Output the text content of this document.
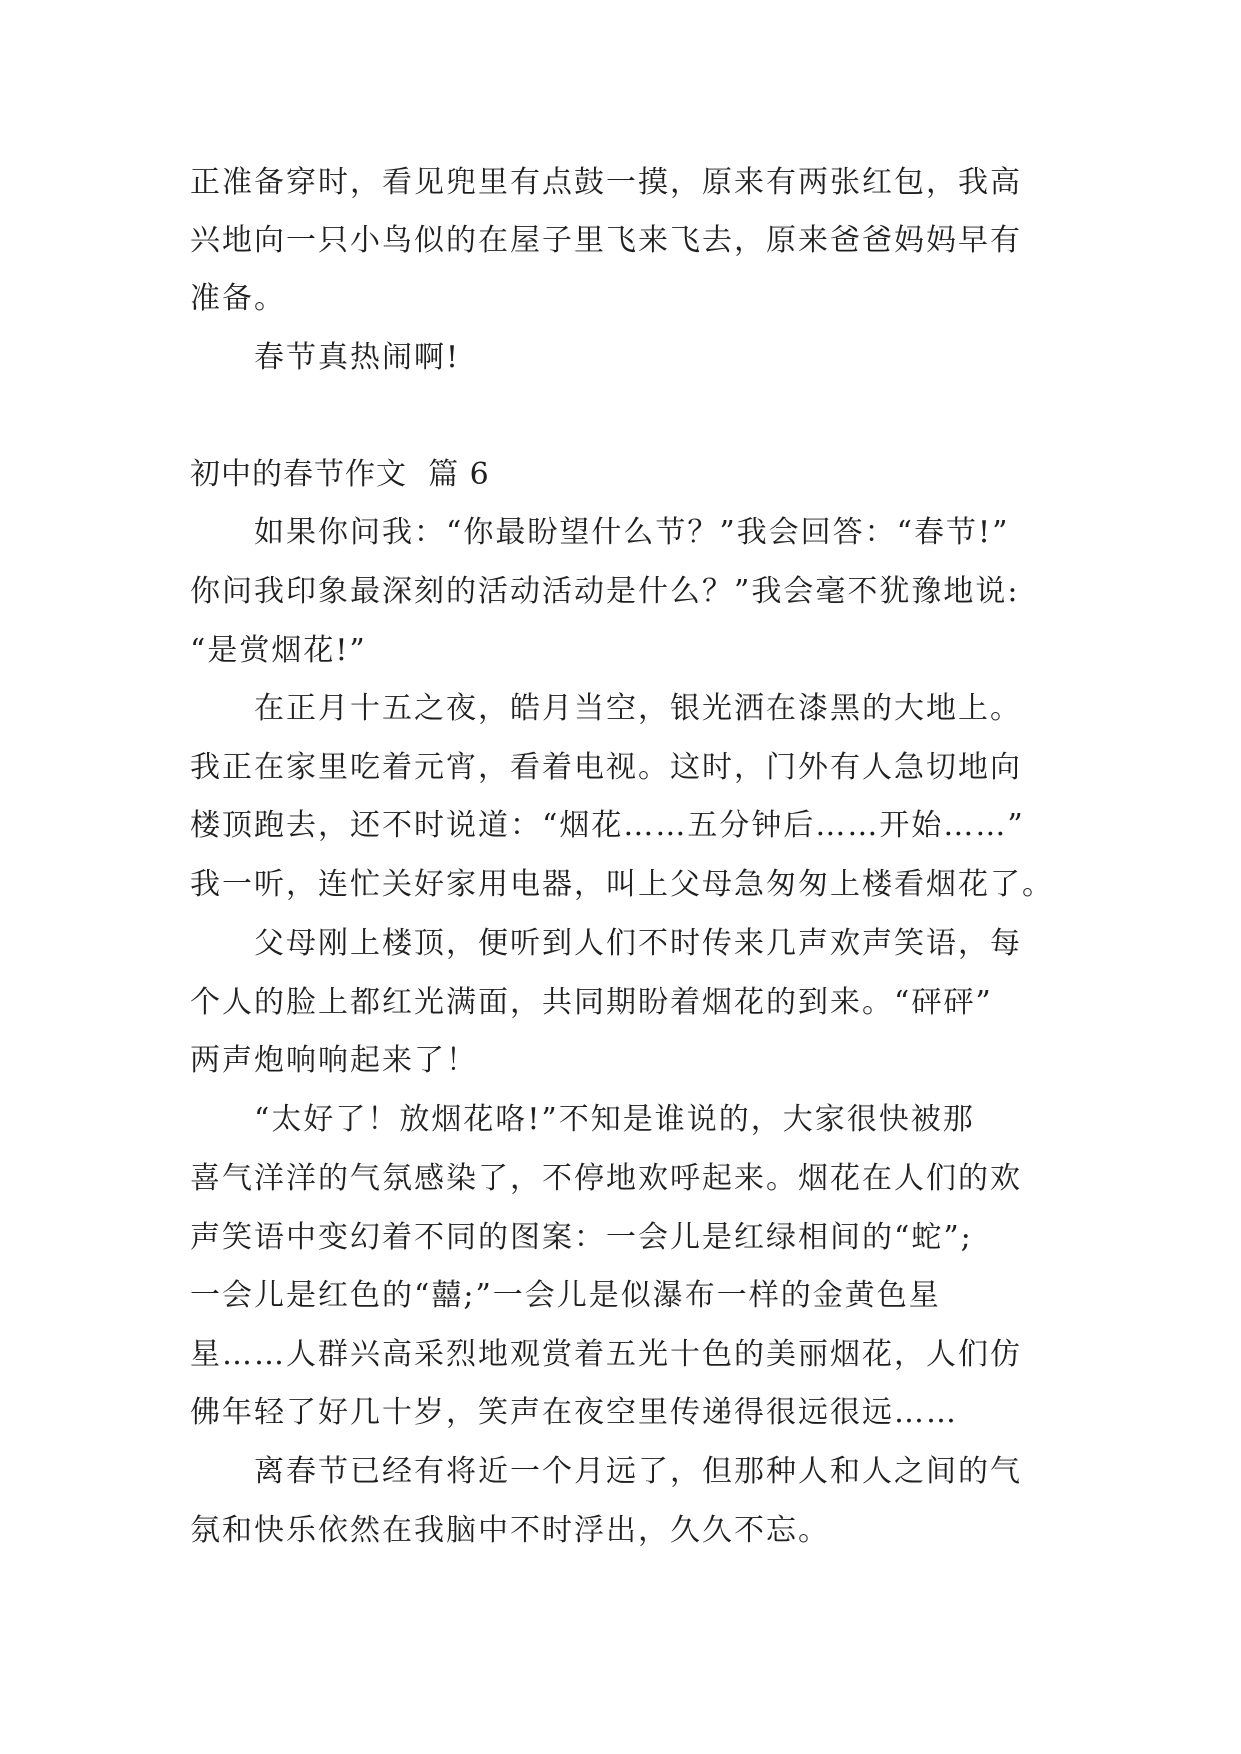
正准备穿时，看见兜里有点鼓一摸，原来有两张红包，我高

兴地向一只小鸟似的在屋子里飞来飞去，原来爸爸妈妈早有

准备。

春节真热闹啊!

初中的春节作文  篇 6

如果你问我：“你最盼望什么节？”我会回答：“春节!”

你问我印象最深刻的活动活动是什么？”我会毫不犹豫地说:

“是赏烟花!”

在正月十五之夜，皓月当空，银光洒在漆黑的大地上。

我正在家里吃着元宵，看着电视。这时，门外有人急切地向

楼顶跑去，还不时说道：“烟花……五分钟后……开始……”

我一听，连忙关好家用电器，叫上父母急匆匆上楼看烟花了。

父母刚上楼顶，便听到人们不时传来几声欢声笑语，每

个人的脸上都红光满面，共同期盼着烟花的到来。“砰砰”

两声炮响响起来了！

“太好了！放烟花咯!”不知是谁说的，大家很快被那

喜气洋洋的气氛感染了，不停地欢呼起来。烟花在人们的欢

声笑语中变幻着不同的图案：一会儿是红绿相间的“蛇”;

一会儿是红色的“囍;”一会儿是似瀑布一样的金黄色星

星……人群兴高采烈地观赏着五光十色的美丽烟花，人们仿

佛年轻了好几十岁，笑声在夜空里传递得很远很远……

离春节已经有将近一个月远了，但那种人和人之间的气

氛和快乐依然在我脑中不时浮出，久久不忘。
